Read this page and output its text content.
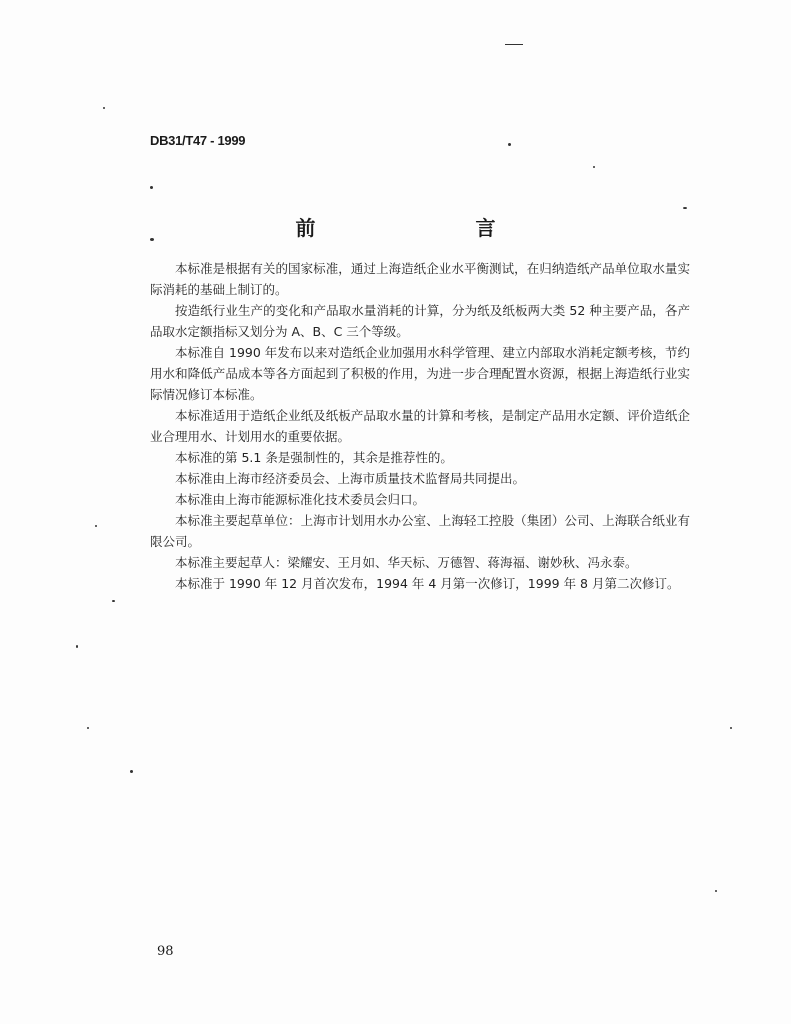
DB31/T47 - 1999
前　言

本标准是根据有关的国家标准，通过上海造纸企业水平衡测试，在归纳造纸产品单位取水量实际消耗的基础上制订的。

按造纸行业生产的变化和产品取水量消耗的计算，分为纸及纸板两大类 52 种主要产品，各产品取水定额指标又划分为 A、B、C 三个等级。

本标准自 1990 年发布以来对造纸企业加强用水科学管理、建立内部取水消耗定额考核，节约用水和降低产品成本等各方面起到了积极的作用，为进一步合理配置水资源，根据上海造纸行业实际情况修订本标准。

本标准适用于造纸企业纸及纸板产品取水量的计算和考核，是制定产品用水定额、评价造纸企业合理用水、计划用水的重要依据。

本标准的第 5.1 条是强制性的，其余是推荐性的。

本标准由上海市经济委员会、上海市质量技术监督局共同提出。

本标准由上海市能源标准化技术委员会归口。

本标准主要起草单位：上海市计划用水办公室、上海轻工控股（集团）公司、上海联合纸业有限公司。

本标准主要起草人：梁耀安、王月如、华天标、万德智、蒋海福、谢妙秋、冯永泰。

本标准于 1990 年 12 月首次发布，1994 年 4 月第一次修订，1999 年 8 月第二次修订。

98
